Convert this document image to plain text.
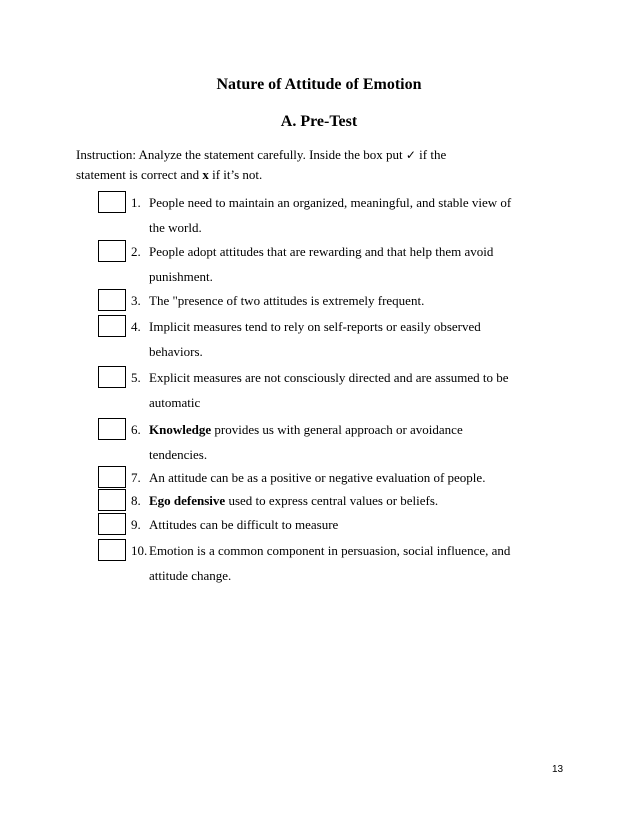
Nature of Attitude of Emotion
A. Pre-Test
Instruction: Analyze the statement carefully. Inside the box put ✓ if the
statement is correct and x if it’s not.
1. People need to maintain an organized, meaningful, and stable view of
the world.
2. People adopt attitudes that are rewarding and that help them avoid
punishment.
3. The "presence of two attitudes is extremely frequent.
4. Implicit measures tend to rely on self-reports or easily observed
behaviors.
5. Explicit measures are not consciously directed and are assumed to be
automatic
6. Knowledge provides us with general approach or avoidance
tendencies.
7. An attitude can be as a positive or negative evaluation of people.
8. Ego defensive used to express central values or beliefs.
9. Attitudes can be difficult to measure
10. Emotion is a common component in persuasion, social influence, and
attitude change.
13
